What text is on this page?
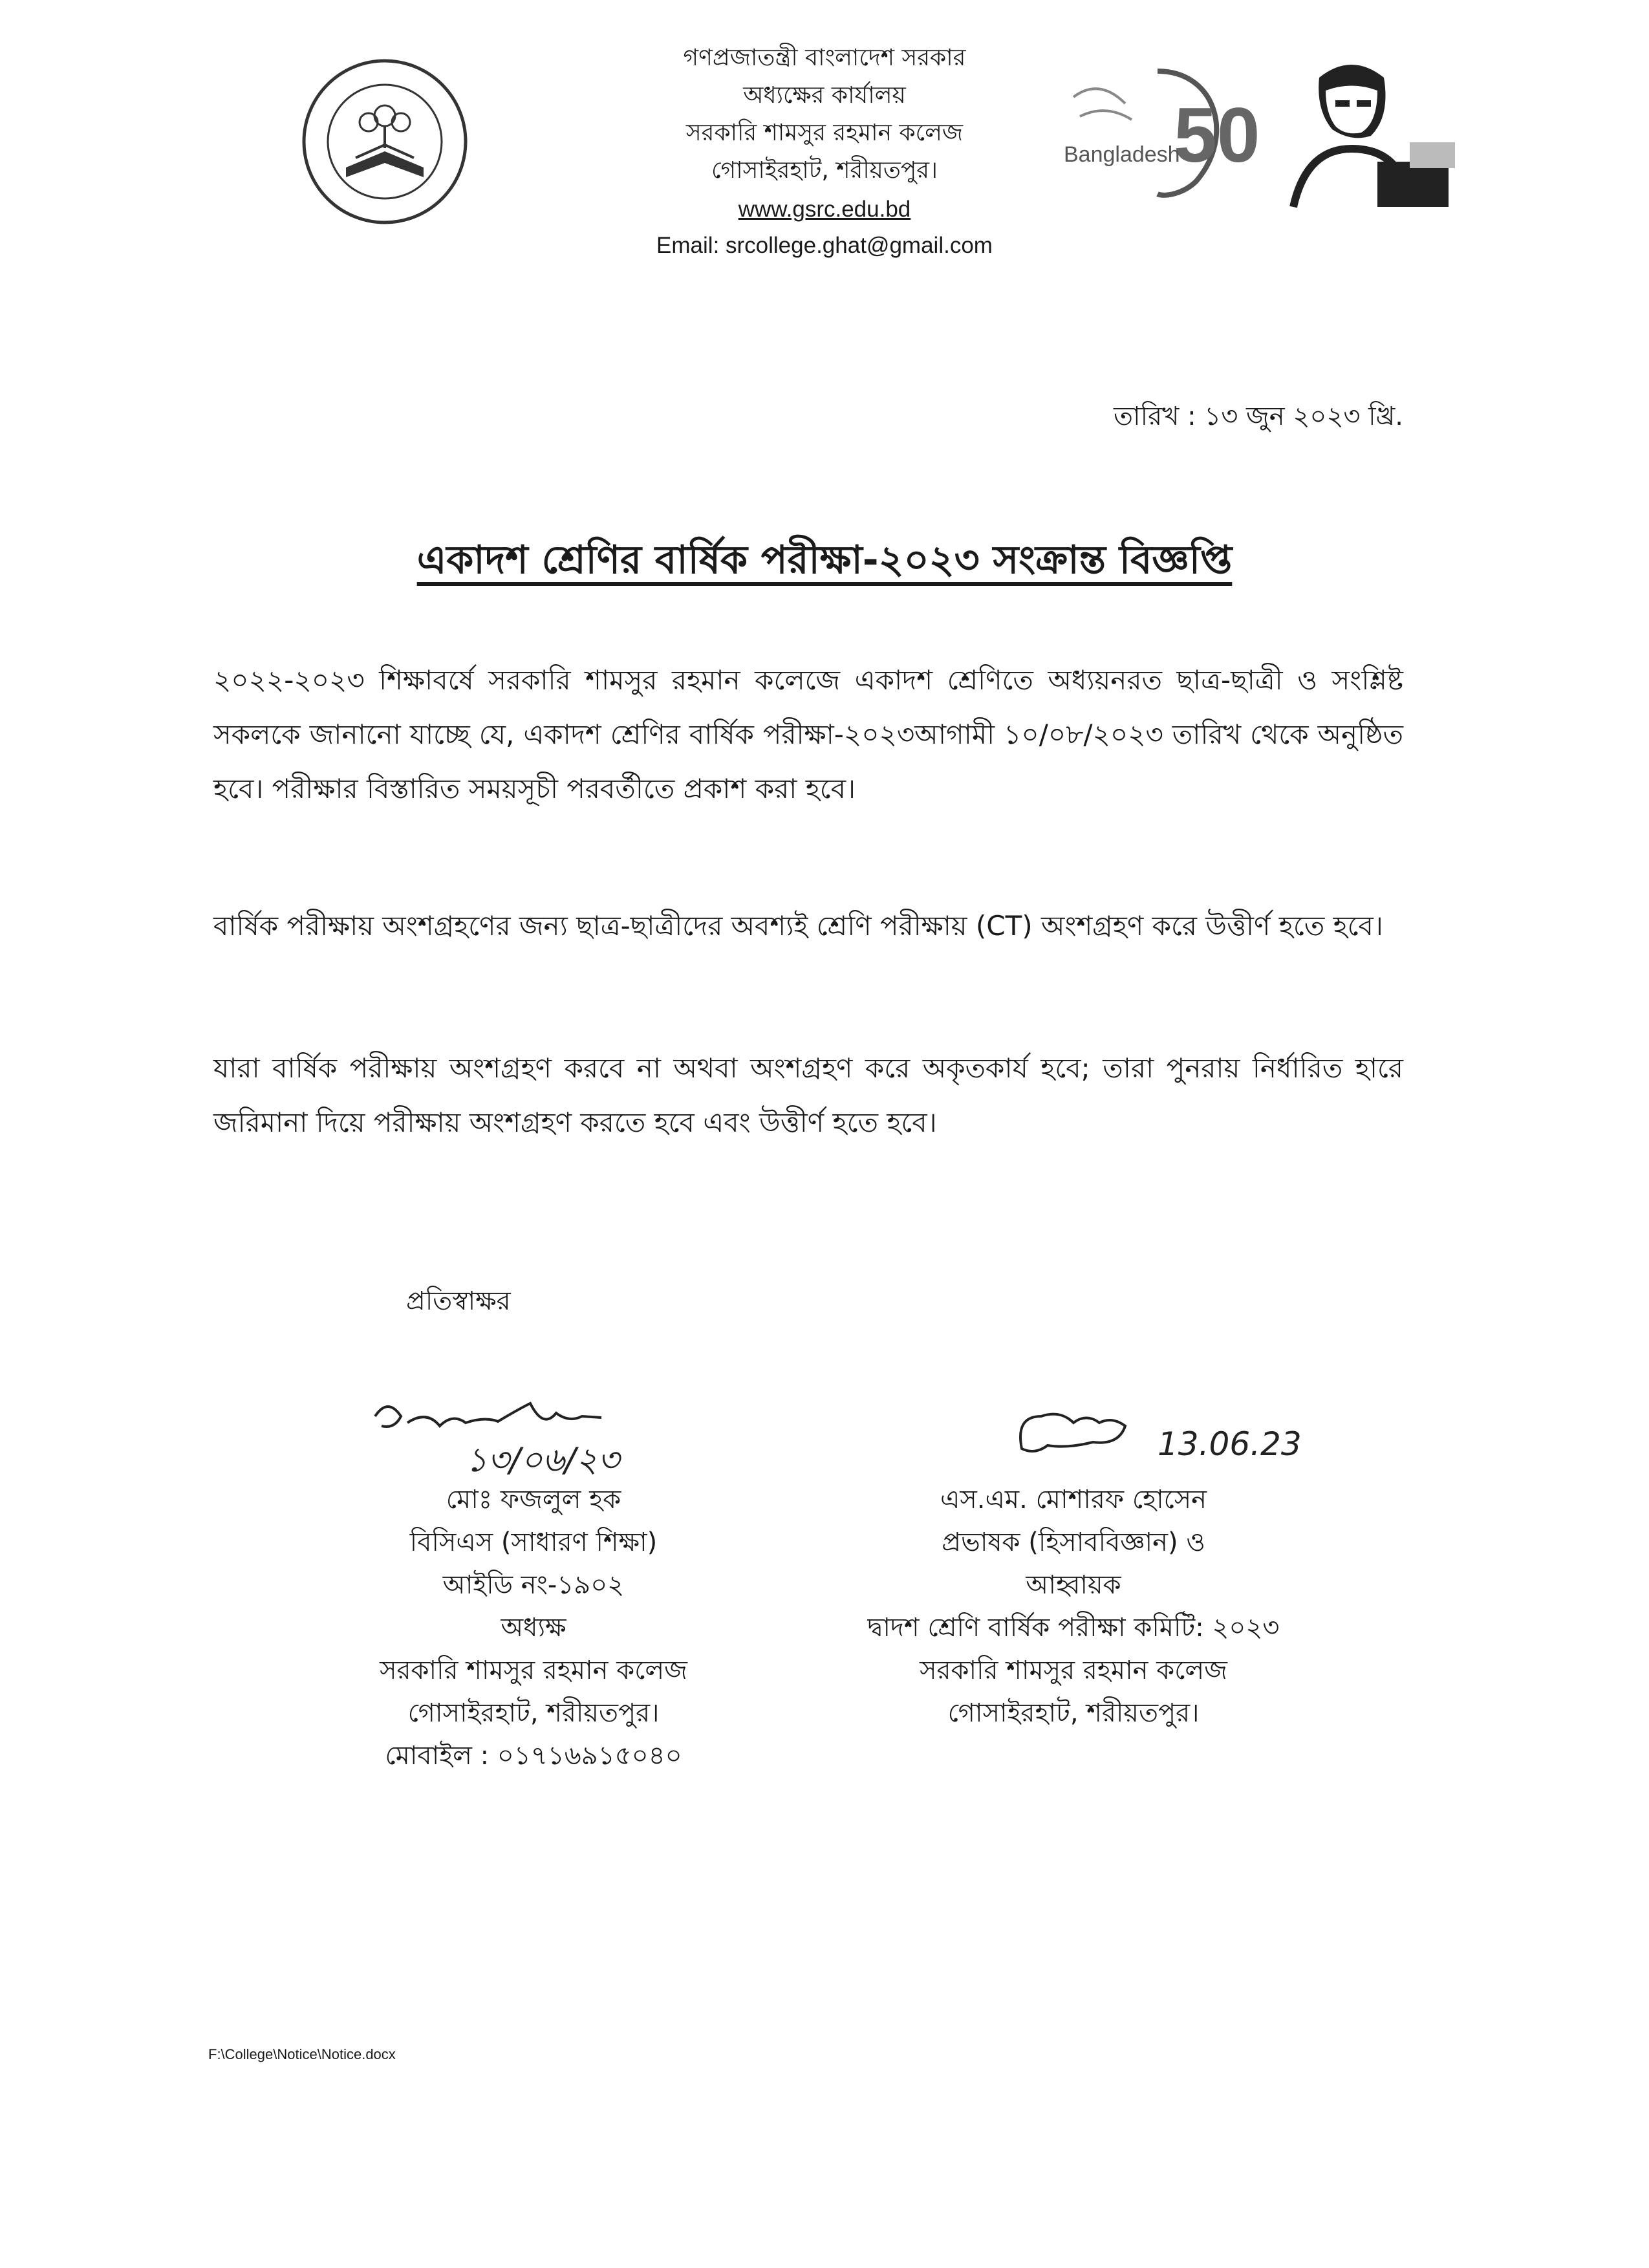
50
Bangladesh
গণপ্রজাতন্ত্রী বাংলাদেশ সরকার
অধ্যক্ষের কার্যালয়
সরকারি শামসুর রহমান কলেজ
গোসাইরহাট, শরীয়তপুর।
www.gsrc.edu.bd
Email: srcollege.ghat@gmail.com
তারিখ : ১৩ জুন ২০২৩ খ্রি.
একাদশ শ্রেণির বার্ষিক পরীক্ষা-২০২৩ সংক্রান্ত বিজ্ঞপ্তি
২০২২-২০২৩ শিক্ষাবর্ষে সরকারি শামসুর রহমান কলেজে একাদশ শ্রেণিতে অধ্যয়নরত ছাত্র-ছাত্রী ও সংশ্লিষ্ট সকলকে জানানো যাচ্ছে যে, একাদশ শ্রেণির বার্ষিক পরীক্ষা-২০২৩আগামী ১০/০৮/২০২৩ তারিখ থেকে অনুষ্ঠিত হবে। পরীক্ষার বিস্তারিত সময়সূচী পরবর্তীতে প্রকাশ করা হবে।
বার্ষিক পরীক্ষায় অংশগ্রহণের জন্য ছাত্র-ছাত্রীদের অবশ্যই শ্রেণি পরীক্ষায় (CT) অংশগ্রহণ করে উত্তীর্ণ হতে হবে।
যারা বার্ষিক পরীক্ষায় অংশগ্রহণ করবে না অথবা অংশগ্রহণ করে অকৃতকার্য হবে; তারা পুনরায় নির্ধারিত হারে জরিমানা দিয়ে পরীক্ষায় অংশগ্রহণ করতে হবে এবং উত্তীর্ণ হতে হবে।
প্রতিস্বাক্ষর
১৩/০৬/২৩	13.06.23
মোঃ ফজলুল হক
বিসিএস (সাধারণ শিক্ষা)
আইডি নং-১৯০২
অধ্যক্ষ
সরকারি শামসুর রহমান কলেজ
গোসাইরহাট, শরীয়তপুর।
মোবাইল : ০১৭১৬৯১৫০৪০
এস.এম. মোশারফ হোসেন
প্রভাষক (হিসাববিজ্ঞান) ও
আহ্বায়ক
দ্বাদশ শ্রেণি বার্ষিক পরীক্ষা কমিটি: ২০২৩
সরকারি শামসুর রহমান কলেজ
গোসাইরহাট, শরীয়তপুর।
F:\College\Notice\Notice.docx
